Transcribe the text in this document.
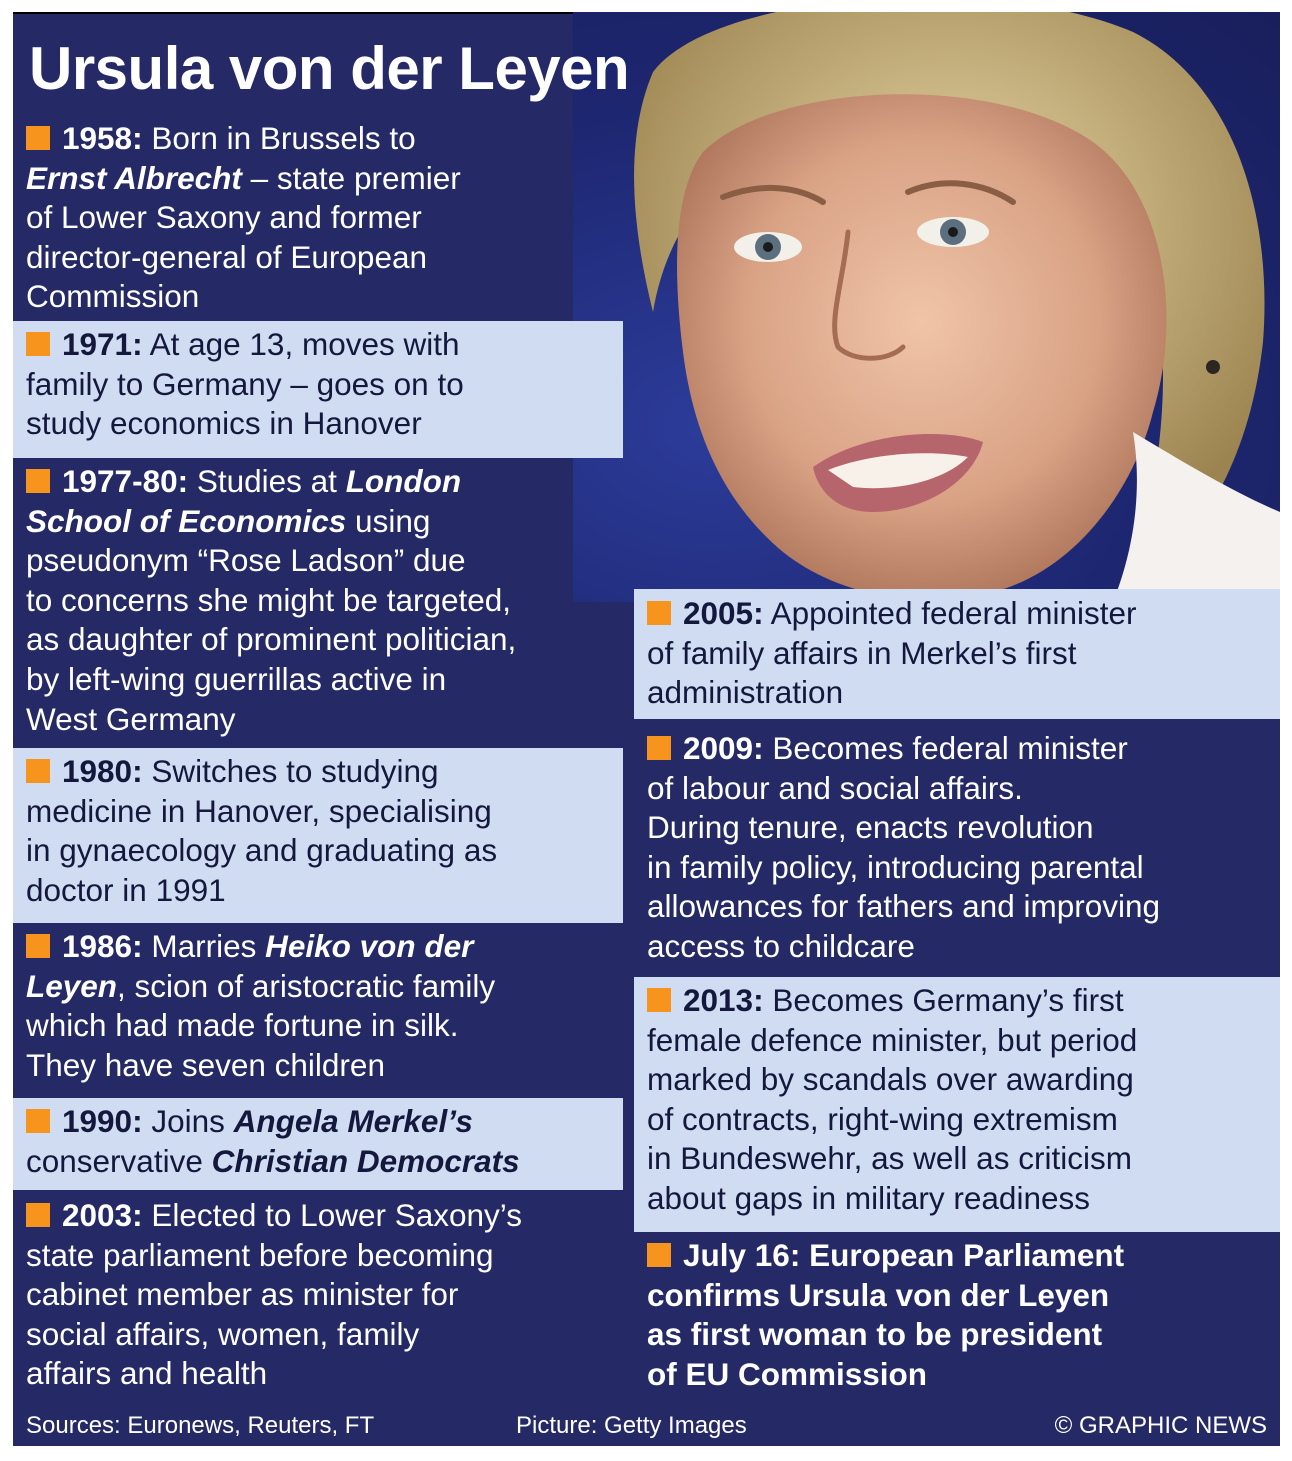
Ursula von der Leyen

1958: Born in Brussels to
Ernst Albrecht – state premier
of Lower Saxony and former
director-general of European
Commission

1971: At age 13, moves with
family to Germany – goes on to
study economics in Hanover

1977-80: Studies at London
School of Economics using
pseudonym “Rose Ladson” due
to concerns she might be targeted,
as daughter of prominent politician,
by left-wing guerrillas active in
West Germany

1980: Switches to studying
medicine in Hanover, specialising
in gynaecology and graduating as
doctor in 1991

1986: Marries Heiko von der
Leyen, scion of aristocratic family
which had made fortune in silk.
They have seven children

1990: Joins Angela Merkel’s
conservative Christian Democrats

2003: Elected to Lower Saxony’s
state parliament before becoming
cabinet member as minister for
social affairs, women, family
affairs and health

2005: Appointed federal minister
of family affairs in Merkel’s first
administration

2009: Becomes federal minister
of labour and social affairs.
During tenure, enacts revolution
in family policy, introducing parental
allowances for fathers and improving
access to childcare

2013: Becomes Germany’s first
female defence minister, but period
marked by scandals over awarding
of contracts, right-wing extremism
in Bundeswehr, as well as criticism
about gaps in military readiness

July 16: European Parliament
confirms Ursula von der Leyen
as first woman to be president
of EU Commission

Sources: Euronews, Reuters, FT	Picture: Getty Images	© GRAPHIC NEWS
